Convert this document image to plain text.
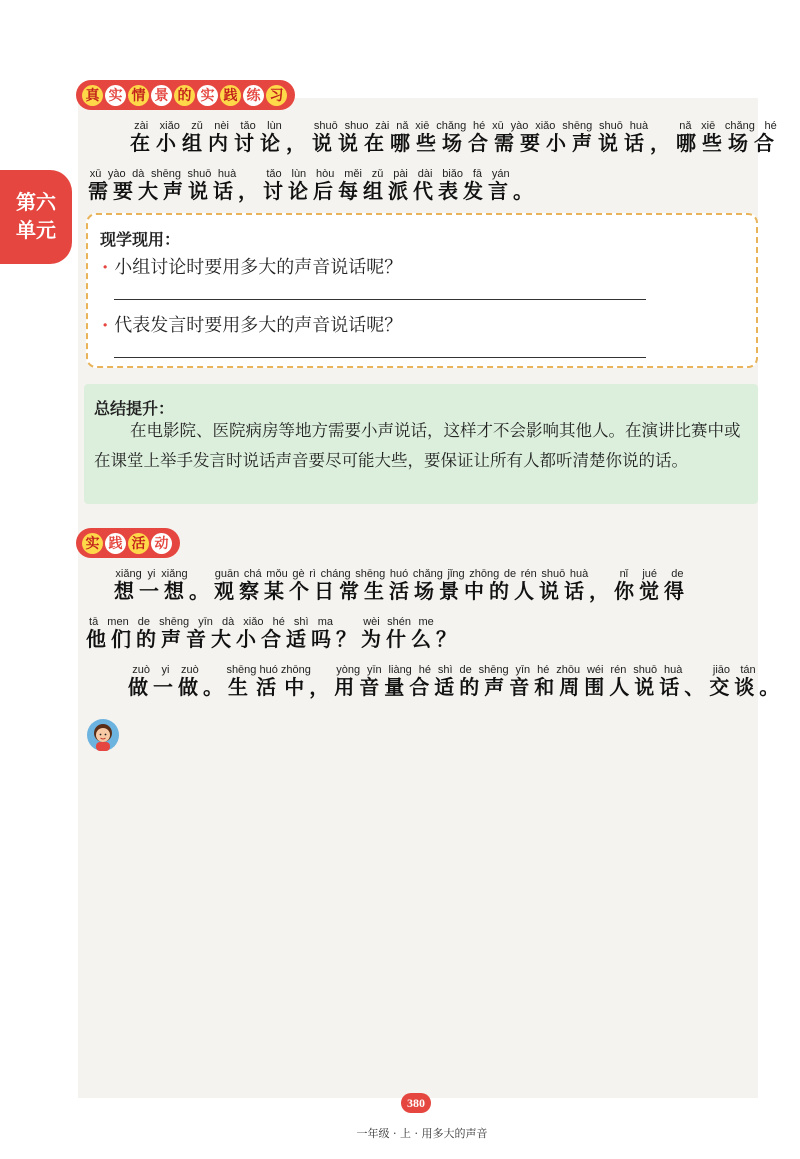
第六
单元
真 实 情 景 的 实 践 练 习
在小组内讨论zài xiǎo zǔ nèi tǎo lùn，说说在哪些场合需要小声说话shuō shuo zài nǎ xiē chǎng hé xū yào xiǎo shēng shuō huà，哪些场合nǎ xiē chǎng hé
需要大声说话xū yào dà shēng shuō huà，讨论后每组派代表发言tǎo lùn hòu měi zǔ pài dài biǎo fā yán。
现学现用：
· 小组讨论时要用多大的声音说话呢？
· 代表发言时要用多大的声音说话呢？
总结提升：
在电影院、医院病房等地方需要小声说话，这样才不会影响其他人。在演讲比赛中或在课堂上举手发言时说话声音要尽可能大些，要保证让所有人都听清楚你说的话。
实 践 活 动
想一想xiǎng yi xiǎng。观察某个日常生活场景中的人说话guān chá mǒu gè rì cháng shēng huó chǎng jǐng zhōng de rén shuō huà，你觉得nǐ jué de
他们的声音大小合适吗tā men de shēng yīn dà xiǎo hé shì ma？为什么wèi shén me？
做一做zuò yi zuò。生活中shēng huó zhōng，用音量合适的声音和周围人说话yòng yīn liàng hé shì de shēng yīn hé zhōu wéi rén shuō huà、交谈jiāo tán。
380
一年级 · 上 · 用多大的声音
